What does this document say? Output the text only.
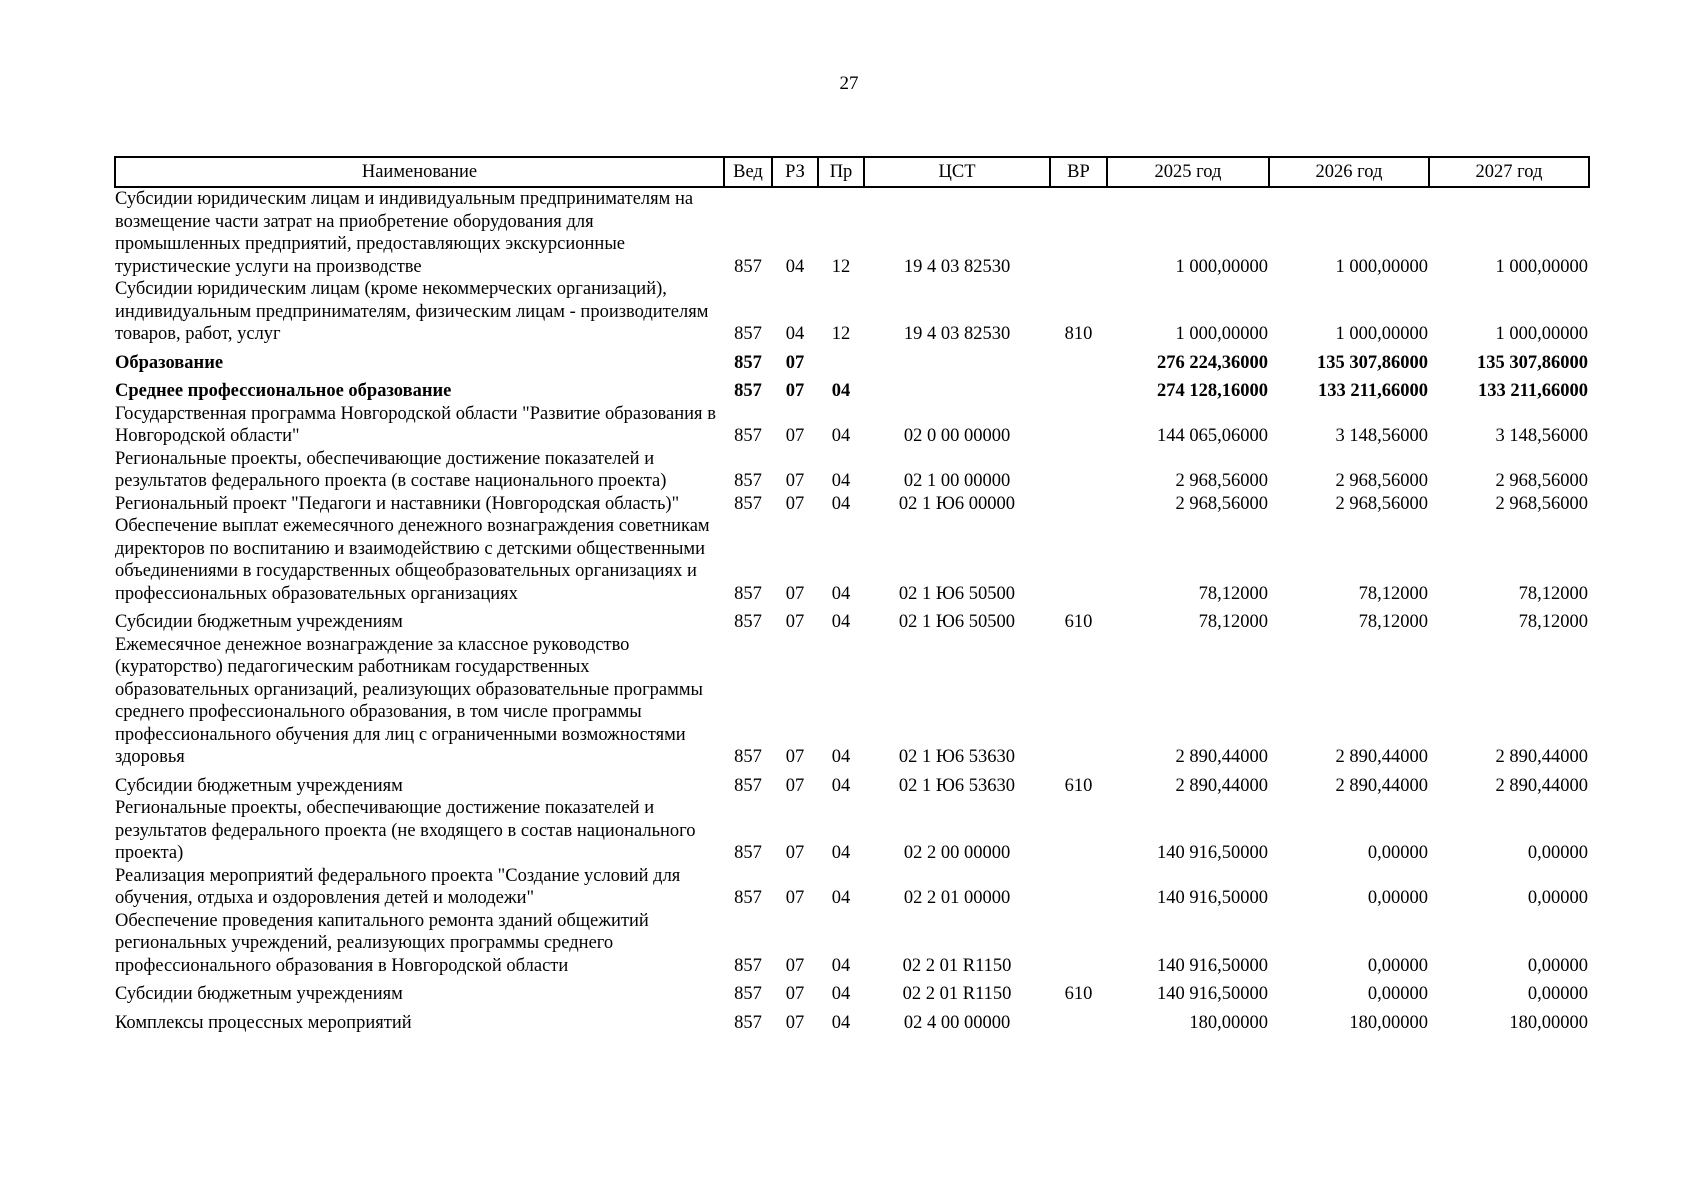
27
Наименование	Вед	РЗ	Пр	ЦСТ	ВР	2025 год	2026 год	2027 год
Субсидии юридическим лицам и индивидуальным предпринимателям на возмещение части затрат на приобретение оборудования для промышленных предприятий, предоставляющих экскурсионные туристические услуги на производстве	857	04	12	19 4 03 82530		1 000,00000	1 000,00000	1 000,00000
Субсидии юридическим лицам (кроме некоммерческих организаций), индивидуальным предпринимателям, физическим лицам - производителям товаров, работ, услуг	857	04	12	19 4 03 82530	810	1 000,00000	1 000,00000	1 000,00000
Образование	857	07				276 224,36000	135 307,86000	135 307,86000
Среднее профессиональное образование	857	07	04			274 128,16000	133 211,66000	133 211,66000
Государственная программа Новгородской области "Развитие образования в Новгородской области"	857	07	04	02 0 00 00000		144 065,06000	3 148,56000	3 148,56000
Региональные проекты, обеспечивающие достижение показателей и результатов федерального проекта (в составе национального проекта)	857	07	04	02 1 00 00000		2 968,56000	2 968,56000	2 968,56000
Региональный проект "Педагоги и наставники (Новгородская область)"	857	07	04	02 1 Ю6 00000		2 968,56000	2 968,56000	2 968,56000
Обеспечение выплат ежемесячного денежного вознаграждения советникам директоров по воспитанию и взаимодействию с детскими общественными объединениями в государственных общеобразовательных организациях и профессиональных образовательных организациях	857	07	04	02 1 Ю6 50500		78,12000	78,12000	78,12000
Субсидии бюджетным учреждениям	857	07	04	02 1 Ю6 50500	610	78,12000	78,12000	78,12000
Ежемесячное денежное вознаграждение за классное руководство (кураторство) педагогическим работникам государственных образовательных организаций, реализующих образовательные программы среднего профессионального образования, в том числе программы профессионального обучения для лиц с ограниченными возможностями здоровья	857	07	04	02 1 Ю6 53630		2 890,44000	2 890,44000	2 890,44000
Субсидии бюджетным учреждениям	857	07	04	02 1 Ю6 53630	610	2 890,44000	2 890,44000	2 890,44000
Региональные проекты, обеспечивающие достижение показателей и результатов федерального проекта (не входящего в состав национального проекта)	857	07	04	02 2 00 00000		140 916,50000	0,00000	0,00000
Реализация мероприятий федерального проекта "Создание условий для обучения, отдыха и оздоровления детей и молодежи"	857	07	04	02 2 01 00000		140 916,50000	0,00000	0,00000
Обеспечение проведения капитального ремонта зданий общежитий региональных учреждений, реализующих программы среднего профессионального образования в Новгородской области	857	07	04	02 2 01 R1150		140 916,50000	0,00000	0,00000
Субсидии бюджетным учреждениям	857	07	04	02 2 01 R1150	610	140 916,50000	0,00000	0,00000
Комплексы процессных мероприятий	857	07	04	02 4 00 00000		180,00000	180,00000	180,00000
